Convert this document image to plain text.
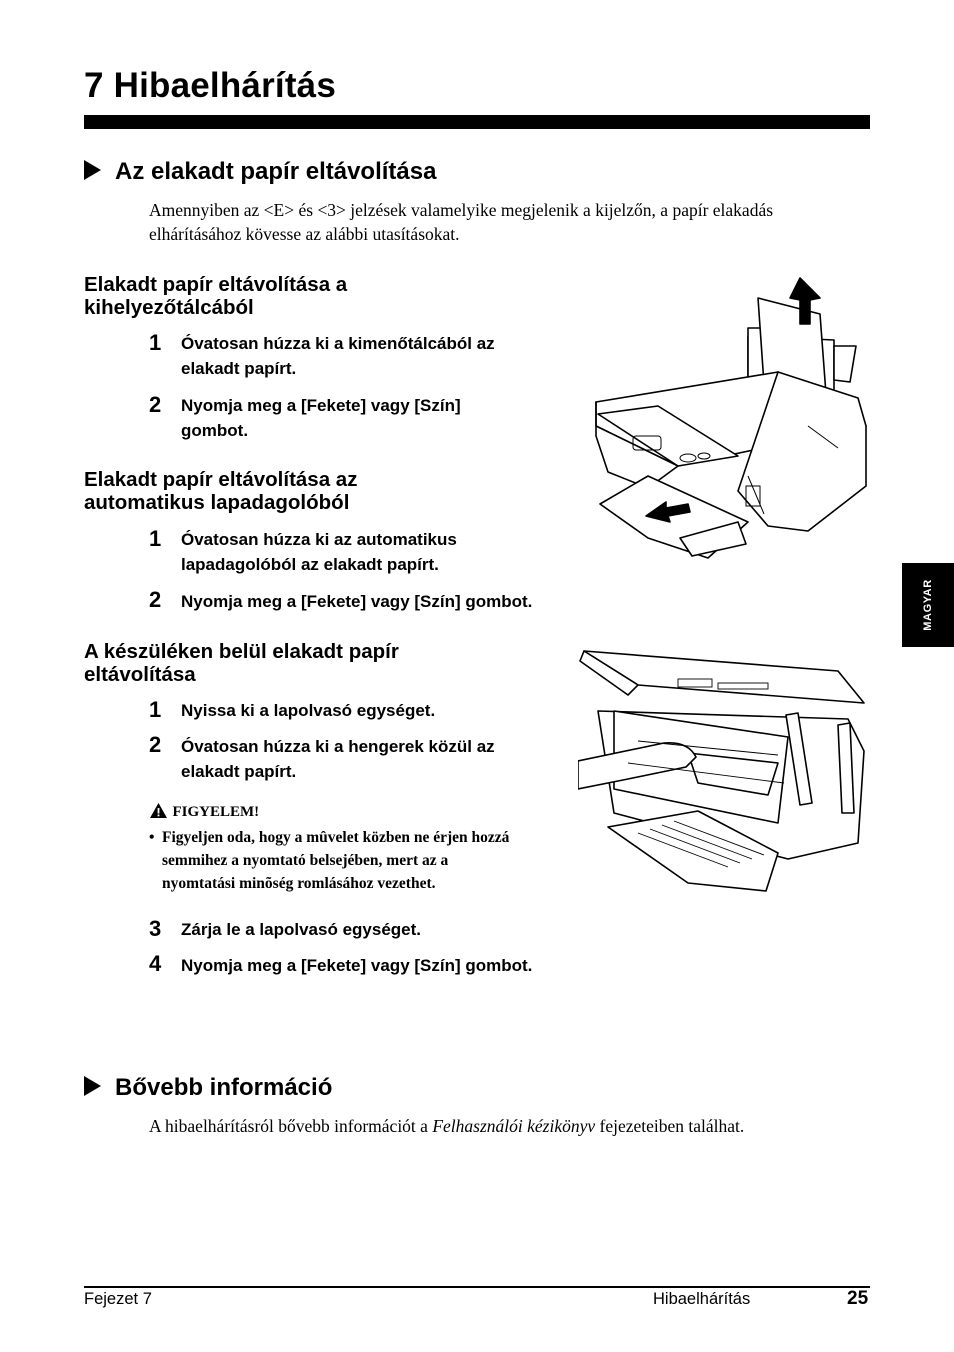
7 Hibaelhárítás
Az elakadt papír eltávolítása
Amennyiben az <E> és <3> jelzések valamelyike megjelenik a kijelzőn, a papír elakadás
elhárításához kövesse az alábbi utasításokat.
Elakadt papír eltávolítása a
kihelyezőtálcából
1 Óvatosan húzza ki a kimenőtálcából az
elakadt papírt.
2 Nyomja meg a [Fekete] vagy [Szín]
gombot.
Elakadt papír eltávolítása az
automatikus lapadagolóból
1 Óvatosan húzza ki az automatikus
lapadagolóból az elakadt papírt.
2 Nyomja meg a [Fekete] vagy [Szín] gombot.
A készüléken belül elakadt papír
eltávolítása
1 Nyissa ki a lapolvasó egységet.
2 Óvatosan húzza ki a hengerek közül az
elakadt papírt.
FIGYELEM!
• Figyeljen oda, hogy a mûvelet közben ne érjen hozzá
semmihez a nyomtató belsejében, mert az a
nyomtatási minõség romlásához vezethet.
3 Zárja le a lapolvasó egységet.
4 Nyomja meg a [Fekete] vagy [Szín] gombot.
Bővebb információ
A hibaelhárításról bővebb információt a Felhasználói kézikönyv fejezeteiben találhat.
MAGYAR
Fejezet 7	Hibaelhárítás	25
